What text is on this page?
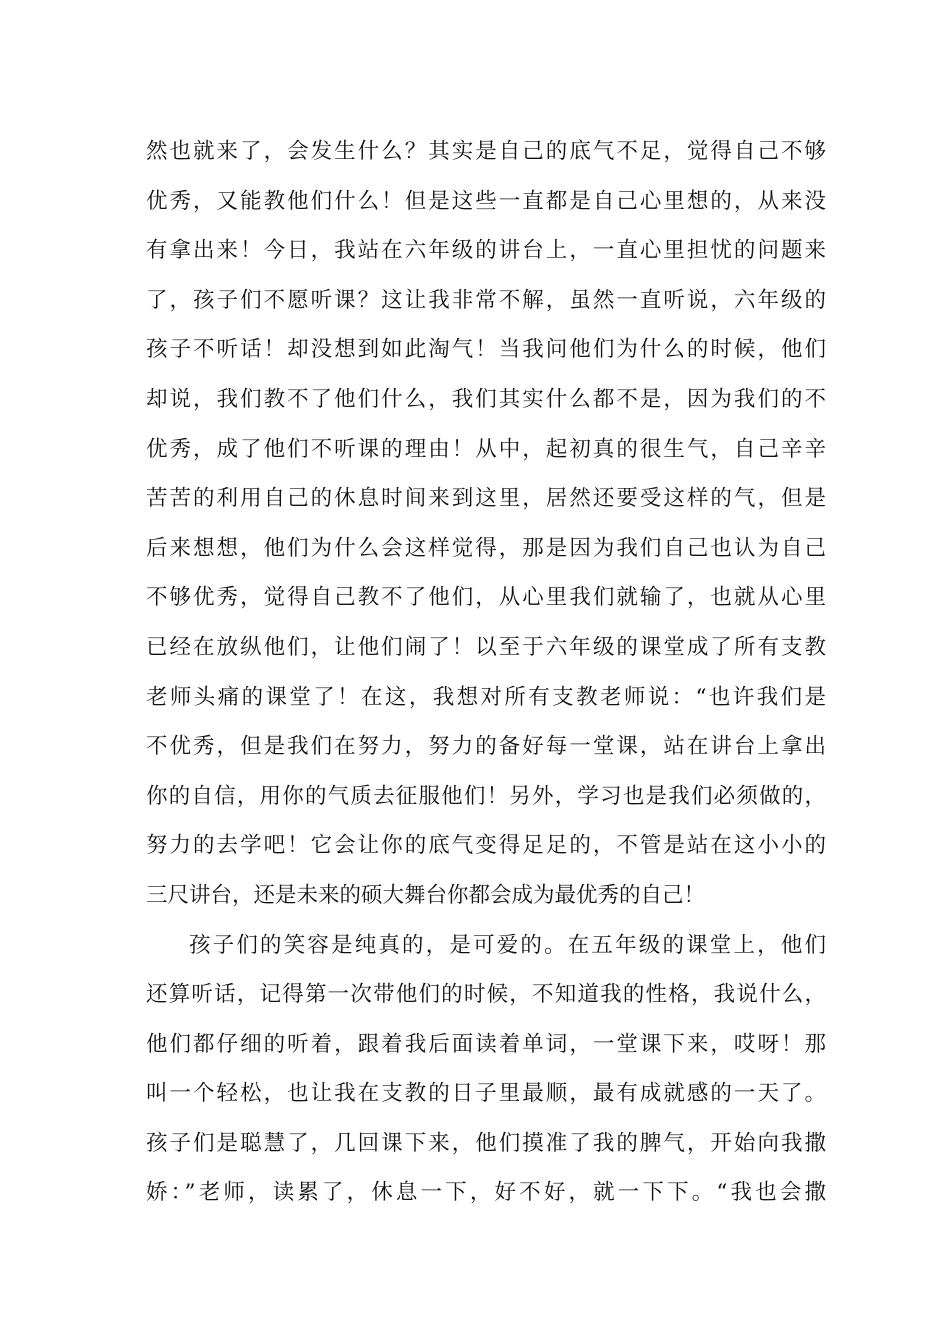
然也就来了，会发生什么？其实是自己的底气不足，觉得自己不够
优秀，又能教他们什么！但是这些一直都是自己心里想的，从来没
有拿出来！今日，我站在六年级的讲台上，一直心里担忧的问题来
了，孩子们不愿听课？这让我非常不解，虽然一直听说，六年级的
孩子不听话！却没想到如此淘气！当我问他们为什么的时候，他们
却说，我们教不了他们什么，我们其实什么都不是，因为我们的不
优秀，成了他们不听课的理由！从中，起初真的很生气，自己辛辛
苦苦的利用自己的休息时间来到这里，居然还要受这样的气，但是
后来想想，他们为什么会这样觉得，那是因为我们自己也认为自己
不够优秀，觉得自己教不了他们，从心里我们就输了，也就从心里
已经在放纵他们，让他们闹了！以至于六年级的课堂成了所有支教
老师头痛的课堂了！在这，我想对所有支教老师说：“也许我们是
不优秀，但是我们在努力，努力的备好每一堂课，站在讲台上拿出
你的自信，用你的气质去征服他们！另外，学习也是我们必须做的，
努力的去学吧！它会让你的底气变得足足的，不管是站在这小小的
三尺讲台，还是未来的硕大舞台你都会成为最优秀的自己！
孩子们的笑容是纯真的，是可爱的。在五年级的课堂上，他们
还算听话，记得第一次带他们的时候，不知道我的性格，我说什么，
他们都仔细的听着，跟着我后面读着单词，一堂课下来，哎呀！那
叫一个轻松，也让我在支教的日子里最顺，最有成就感的一天了。
孩子们是聪慧了，几回课下来，他们摸准了我的脾气，开始向我撒
娇：”老师，读累了，休息一下，好不好，就一下下。“我也会撒
